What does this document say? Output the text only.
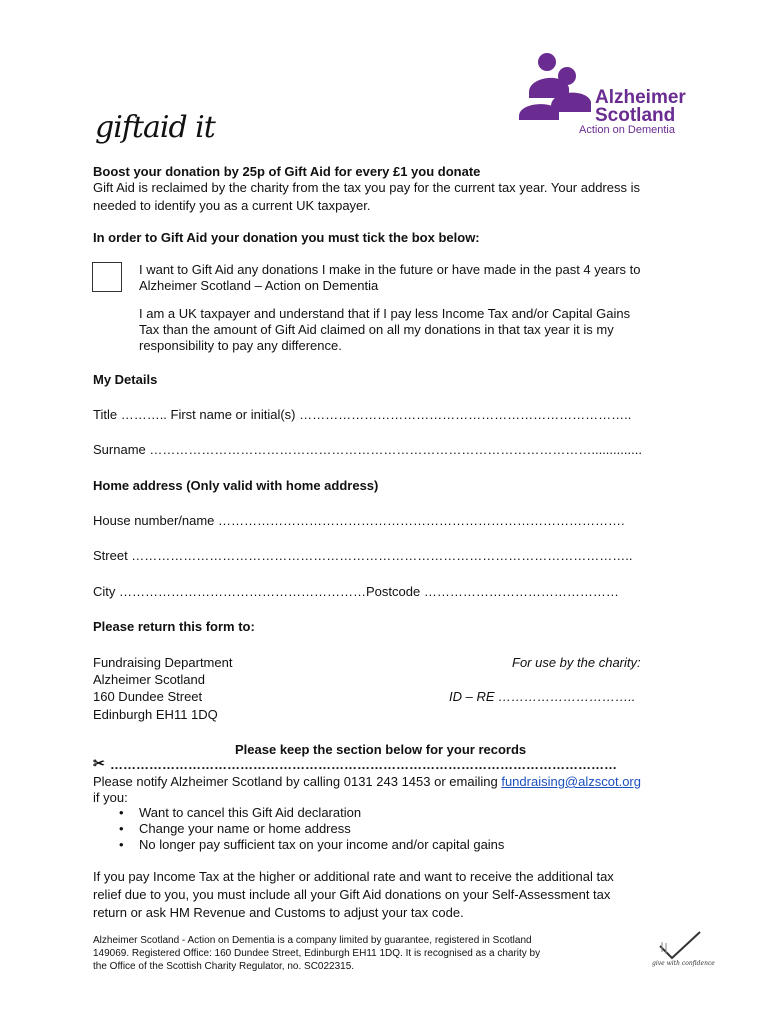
Alzheimer
Scotland
Action on Dementia
giftaid it
Boost your donation by 25p of Gift Aid for every £1 you donate
Gift Aid is reclaimed by the charity from the tax you pay for the current tax year. Your address is
needed to identify you as a current UK taxpayer.
In order to Gift Aid your donation you must tick the box below:
I want to Gift Aid any donations I make in the future or have made in the past 4 years to
Alzheimer Scotland – Action on Dementia
I am a UK taxpayer and understand that if I pay less Income Tax and/or Capital Gains
Tax than the amount of Gift Aid claimed on all my donations in that tax year it is my
responsibility to pay any difference.
My Details
Title ……….. First name or initial(s) …………………………………………………………………..
Surname …………………………………………………………………………………………..............
Home address (Only valid with home address)
House number/name ………………………………………………………………………………….
Street ……………………………………………………………………………………………………..
City …………………………………………………Postcode ………………………………………
Please return this form to:
Fundraising Department
Alzheimer Scotland
160 Dundee Street
Edinburgh EH11 1DQ
For use by the charity:
ID – RE …………………………..
Please keep the section below for your records
✂ ………………………………………………………………………………………………………
Please notify Alzheimer Scotland by calling 0131 243 1453 or emailing fundraising@alzscot.org
if you:
• Want to cancel this Gift Aid declaration
• Change your name or home address
• No longer pay sufficient tax on your income and/or capital gains
If you pay Income Tax at the higher or additional rate and want to receive the additional tax
relief due to you, you must include all your Gift Aid donations on your Self-Assessment tax
return or ask HM Revenue and Customs to adjust your tax code.
Alzheimer Scotland - Action on Dementia is a company limited by guarantee, registered in Scotland
149069. Registered Office: 160 Dundee Street, Edinburgh EH11 1DQ. It is recognised as a charity by
the Office of the Scottish Charity Regulator, no. SC022315.	give with confidence
